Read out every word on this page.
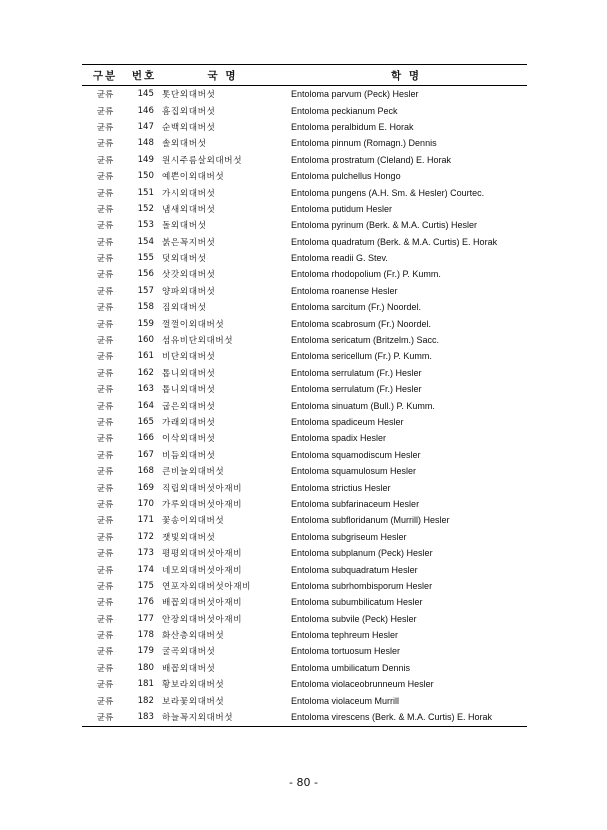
구분	번호	국 명	학 명
균류	145	톳단외대버섯	Entoloma parvum (Peck) Hesler
균류	146	흠집외대버섯	Entoloma peckianum Peck
균류	147	순백외대버섯	Entoloma peralbidum E. Horak
균류	148	솔외대버섯	Entoloma pinnum (Romagn.) Dennis
균류	149	원시주름살외대버섯	Entoloma prostratum (Cleland) E. Horak
균류	150	예쁜이외대버섯	Entoloma pulchellus Hongo
균류	151	가시외대버섯	Entoloma pungens (A.H. Sm. & Hesler) Courtec.
균류	152	냄새외대버섯	Entoloma putidum Hesler
균류	153	돌외대버섯	Entoloma pyrinum (Berk. & M.A. Curtis) Hesler
균류	154	붉은꼭지버섯	Entoloma quadratum (Berk. & M.A. Curtis) E. Horak
균류	155	덧외대버섯	Entoloma readii G. Stev.
균류	156	삿갓외대버섯	Entoloma rhodopolium (Fr.) P. Kumm.
균류	157	양파외대버섯	Entoloma roanense Hesler
균류	158	짐외대버섯	Entoloma sarcitum (Fr.) Noordel.
균류	159	껄껄이외대버섯	Entoloma scabrosum (Fr.) Noordel.
균류	160	섬유비단외대버섯	Entoloma sericatum (Britzelm.) Sacc.
균류	161	비단외대버섯	Entoloma sericellum (Fr.) P. Kumm.
균류	162	톱니외대버섯	Entoloma serrulatum (Fr.) Hesler
균류	163	톱니외대버섯	Entoloma serrulatum (Fr.) Hesler
균류	164	굽은외대버섯	Entoloma sinuatum (Bull.) P. Kumm.
균류	165	가래외대버섯	Entoloma spadiceum Hesler
균류	166	이삭외대버섯	Entoloma spadix Hesler
균류	167	비듬외대버섯	Entoloma squamodiscum Hesler
균류	168	큰비늘외대버섯	Entoloma squamulosum Hesler
균류	169	직립외대버섯아재비	Entoloma strictius Hesler
균류	170	가루외대버섯아재비	Entoloma subfarinaceum Hesler
균류	171	꽃송이외대버섯	Entoloma subfloridanum (Murrill) Hesler
균류	172	잿빛외대버섯	Entoloma subgriseum Hesler
균류	173	평평외대버섯아재비	Entoloma subplanum (Peck) Hesler
균류	174	네모외대버섯아재비	Entoloma subquadratum Hesler
균류	175	연포자외대버섯아재비	Entoloma subrhombisporum Hesler
균류	176	배꼽외대버섯아재비	Entoloma subumbilicatum Hesler
균류	177	안장외대버섯아재비	Entoloma subvile (Peck) Hesler
균류	178	화산층외대버섯	Entoloma tephreum Hesler
균류	179	굴곡외대버섯	Entoloma tortuosum Hesler
균류	180	배꼽외대버섯	Entoloma umbilicatum Dennis
균류	181	황보라외대버섯	Entoloma violaceobrunneum Hesler
균류	182	보라꽃외대버섯	Entoloma violaceum Murrill
균류	183	하늘꼭지외대버섯	Entoloma virescens (Berk. & M.A. Curtis) E. Horak
- 80 -
